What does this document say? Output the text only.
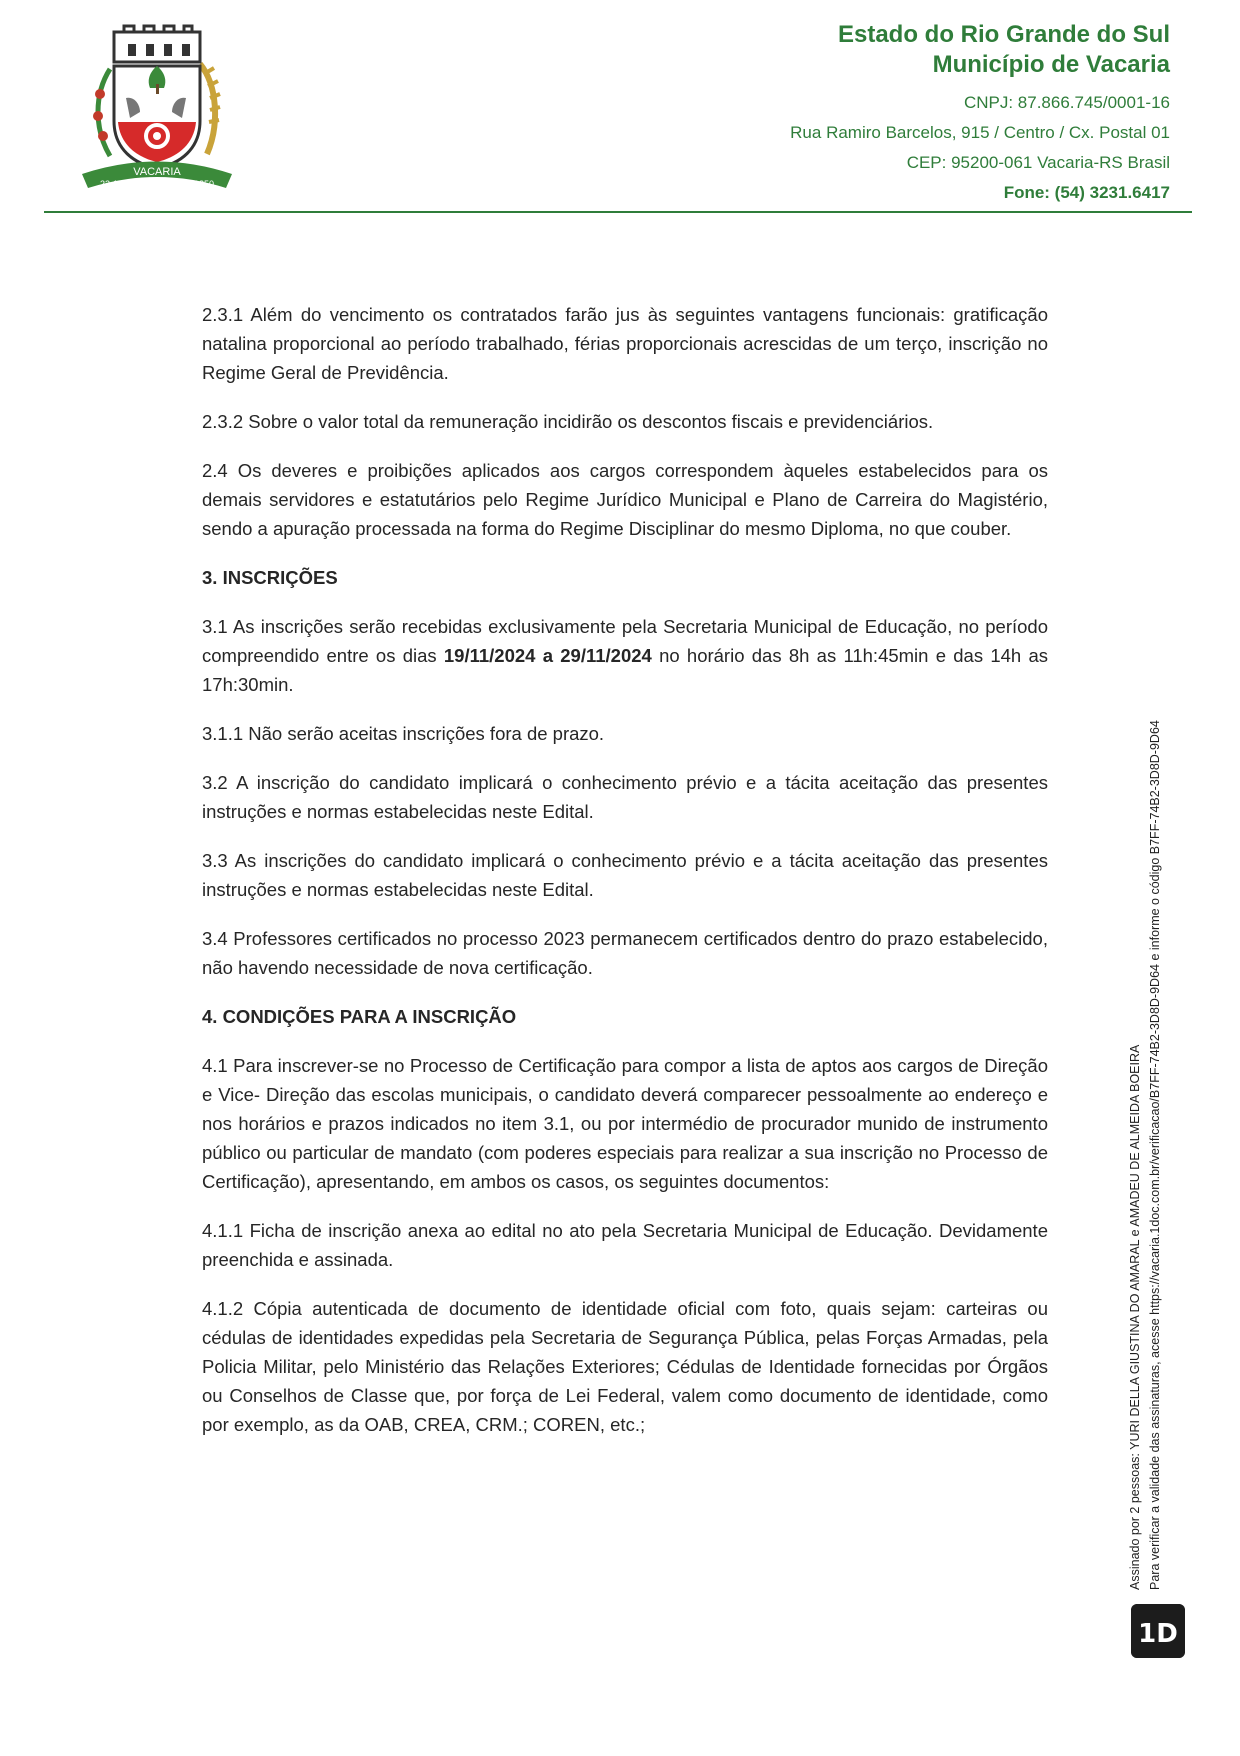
VACARIA
22-10	1850
Estado do Rio Grande do Sul
Município de Vacaria
CNPJ: 87.866.745/0001-16
Rua Ramiro Barcelos, 915 / Centro / Cx. Postal 01
CEP: 95200-061 Vacaria-RS Brasil
Fone: (54) 3231.6417

2.3.1 Além do vencimento os contratados farão jus às seguintes vantagens funcionais: gratificação natalina proporcional ao período trabalhado, férias proporcionais acrescidas de um terço, inscrição no Regime Geral de Previdência.

2.3.2 Sobre o valor total da remuneração incidirão os descontos fiscais e previdenciários.

2.4 Os deveres e proibições aplicados aos cargos correspondem àqueles estabelecidos para os demais servidores e estatutários pelo Regime Jurídico Municipal e Plano de Carreira do Magistério, sendo a apuração processada na forma do Regime Disciplinar do mesmo Diploma, no que couber.

3. INSCRIÇÕES

3.1 As inscrições serão recebidas exclusivamente pela Secretaria Municipal de Educação, no período compreendido entre os dias 19/11/2024 a 29/11/2024 no horário das 8h as 11h:45min e das 14h as 17h:30min.

3.1.1 Não serão aceitas inscrições fora de prazo.

3.2 A inscrição do candidato implicará o conhecimento prévio e a tácita aceitação das presentes instruções e normas estabelecidas neste Edital.

3.3 As inscrições do candidato implicará o conhecimento prévio e a tácita aceitação das presentes instruções e normas estabelecidas neste Edital.

3.4 Professores certificados no processo 2023 permanecem certificados dentro do prazo estabelecido, não havendo necessidade de nova certificação.

4. CONDIÇÕES PARA A INSCRIÇÃO

4.1 Para inscrever-se no Processo de Certificação para compor a lista de aptos aos cargos de Direção e Vice- Direção das escolas municipais, o candidato deverá comparecer pessoalmente ao endereço e nos horários e prazos indicados no item 3.1, ou por intermédio de procurador munido de instrumento público ou particular de mandato (com poderes especiais para realizar a sua inscrição no Processo de Certificação), apresentando, em ambos os casos, os seguintes documentos:

4.1.1 Ficha de inscrição anexa ao edital no ato pela Secretaria Municipal de Educação. Devidamente preenchida e assinada.

4.1.2 Cópia autenticada de documento de identidade oficial com foto, quais sejam: carteiras ou cédulas de identidades expedidas pela Secretaria de Segurança Pública, pelas Forças Armadas, pela Policia Militar, pelo Ministério das Relações Exteriores; Cédulas de Identidade fornecidas por Órgãos ou Conselhos de Classe que, por força de Lei Federal, valem como documento de identidade, como por exemplo, as da OAB, CREA, CRM.; COREN, etc.;	Assinado por 2 pessoas: YURI DELLA GIUSTINA DO AMARAL e AMADEU DE ALMEIDA BOEIRA Para verificar a validade das assinaturas, acesse https://vacaria.1doc.com.br/verificacao/B7FF-74B2-3D8D-9D64 e informe o código B7FF-74B2-3D8D-9D64
1D
